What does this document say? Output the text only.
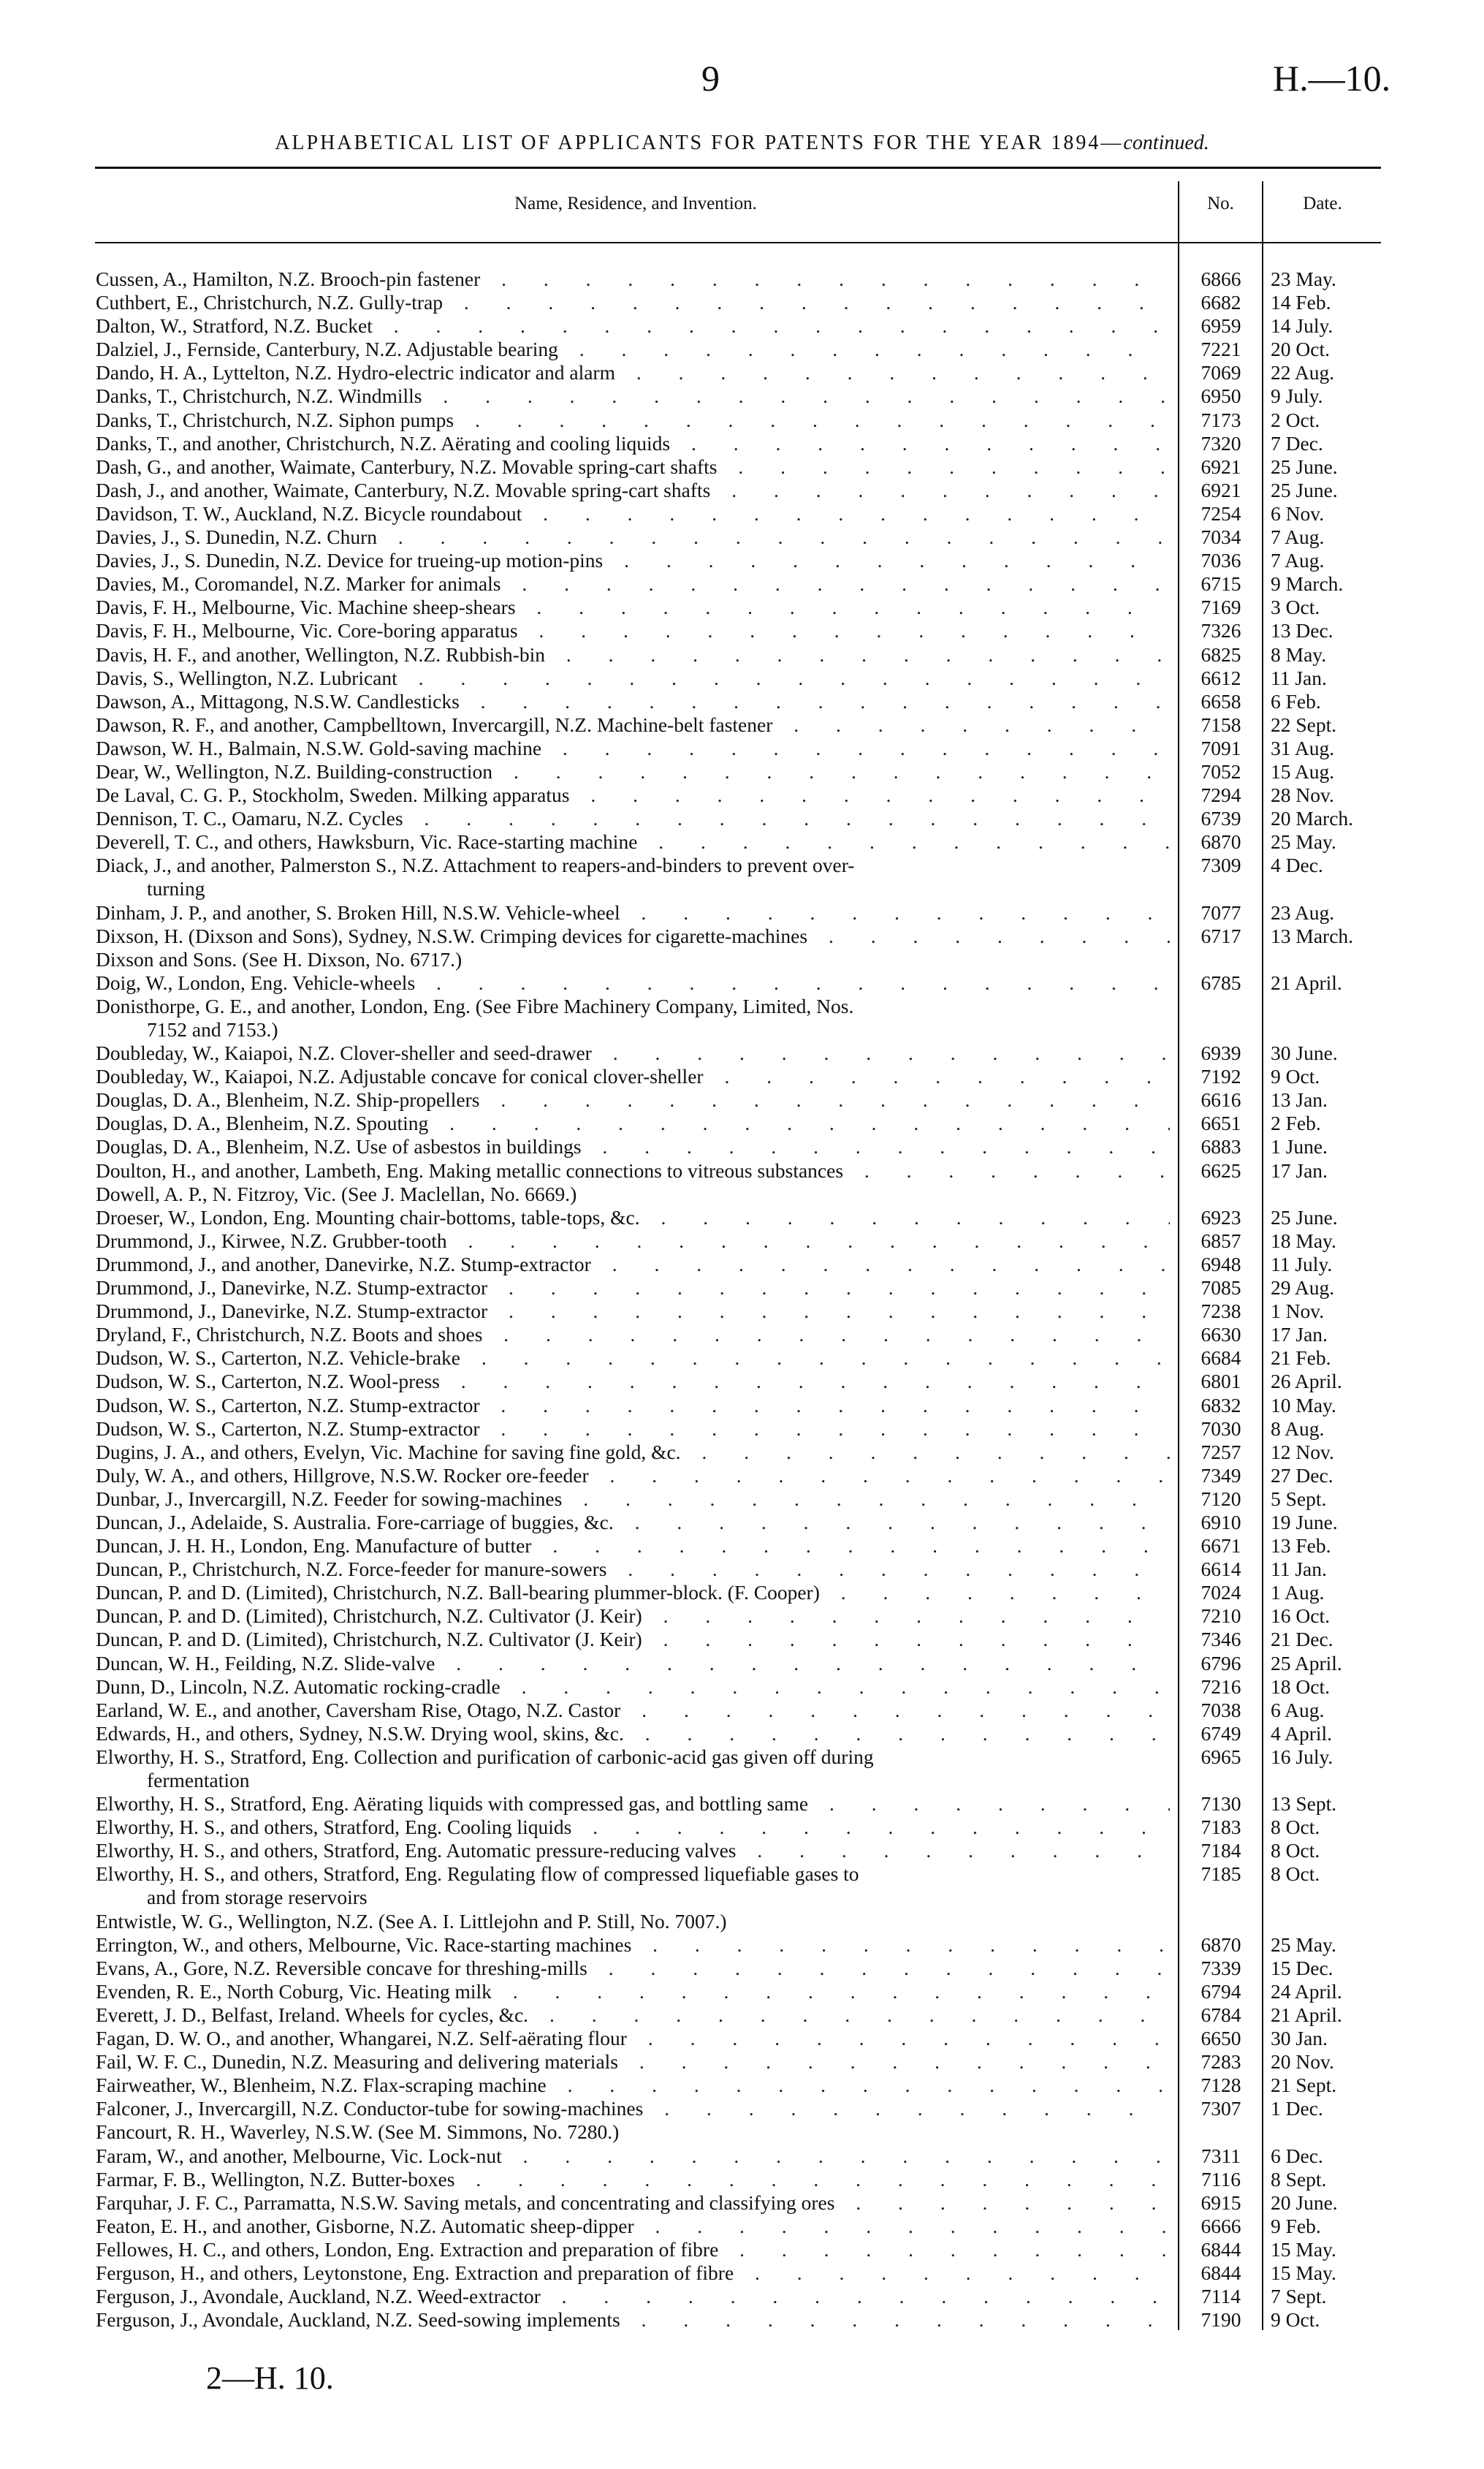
9	H.—10.
ALPHABETICAL LIST OF APPLICANTS FOR PATENTS FOR THE YEAR 1894—continued.
Name, Residence, and Invention.	No.	Date.
Cussen, A., Hamilton, N.Z. Brooch-pin fastener . . .	6866	23 May.
Cuthbert, E., Christchurch, N.Z. Gully-trap . . .	6682	14 Feb.
Dalton, W., Stratford, N.Z. Bucket . . .	6959	14 July.
Dalziel, J., Fernside, Canterbury, N.Z. Adjustable bearing . . .	7221	20 Oct.
Dando, H. A., Lyttelton, N.Z. Hydro-electric indicator and alarm . . .	7069	22 Aug.
Danks, T., Christchurch, N.Z. Windmills . . .	6950	9 July.
Danks, T., Christchurch, N.Z. Siphon pumps . . .	7173	2 Oct.
Danks, T., and another, Christchurch, N.Z. Aërating and cooling liquids . . .	7320	7 Dec.
Dash, G., and another, Waimate, Canterbury, N.Z. Movable spring-cart shafts . . .	6921	25 June.
Dash, J., and another, Waimate, Canterbury, N.Z. Movable spring-cart shafts . . .	6921	25 June.
Davidson, T. W., Auckland, N.Z. Bicycle roundabout . . .	7254	6 Nov.
Davies, J., S. Dunedin, N.Z. Churn . . .	7034	7 Aug.
Davies, J., S. Dunedin, N.Z. Device for trueing-up motion-pins . . .	7036	7 Aug.
Davies, M., Coromandel, N.Z. Marker for animals . . .	6715	9 March.
Davis, F. H., Melbourne, Vic. Machine sheep-shears . . .	7169	3 Oct.
Davis, F. H., Melbourne, Vic. Core-boring apparatus . . .	7326	13 Dec.
Davis, H. F., and another, Wellington, N.Z. Rubbish-bin . . .	6825	8 May.
Davis, S., Wellington, N.Z. Lubricant . . .	6612	11 Jan.
Dawson, A., Mittagong, N.S.W. Candlesticks . . .	6658	6 Feb.
Dawson, R. F., and another, Campbelltown, Invercargill, N.Z. Machine-belt fastener . . .	7158	22 Sept.
Dawson, W. H., Balmain, N.S.W. Gold-saving machine . . .	7091	31 Aug.
Dear, W., Wellington, N.Z. Building-construction . . .	7052	15 Aug.
De Laval, C. G. P., Stockholm, Sweden. Milking apparatus . . .	7294	28 Nov.
Dennison, T. C., Oamaru, N.Z. Cycles . . .	6739	20 March.
Deverell, T. C., and others, Hawksburn, Vic. Race-starting machine . . .	6870	25 May.
Diack, J., and another, Palmerston S., N.Z. Attachment to reapers-and-binders to prevent over-
turning
7309	4 Dec.
Dinham, J. P., and another, S. Broken Hill, N.S.W. Vehicle-wheel . . .	7077	23 Aug.
Dixson, H. (Dixson and Sons), Sydney, N.S.W. Crimping devices for cigarette-machines . . .	6717	13 March.
Dixson and Sons. (See H. Dixson, No. 6717.)
Doig, W., London, Eng. Vehicle-wheels . . .	6785	21 April.
Donisthorpe, G. E., and another, London, Eng. (See Fibre Machinery Company, Limited, Nos.
7152 and 7153.)
Doubleday, W., Kaiapoi, N.Z. Clover-sheller and seed-drawer . . .	6939	30 June.
Doubleday, W., Kaiapoi, N.Z. Adjustable concave for conical clover-sheller . . .	7192	9 Oct.
Douglas, D. A., Blenheim, N.Z. Ship-propellers . . .	6616	13 Jan.
Douglas, D. A., Blenheim, N.Z. Spouting . . .	6651	2 Feb.
Douglas, D. A., Blenheim, N.Z. Use of asbestos in buildings . . .	6883	1 June.
Doulton, H., and another, Lambeth, Eng. Making metallic connections to vitreous substances . . .	6625	17 Jan.
Dowell, A. P., N. Fitzroy, Vic. (See J. Maclellan, No. 6669.)
Droeser, W., London, Eng. Mounting chair-bottoms, table-tops, &c. . . .	6923	25 June.
Drummond, J., Kirwee, N.Z. Grubber-tooth . . .	6857	18 May.
Drummond, J., and another, Danevirke, N.Z. Stump-extractor . . .	6948	11 July.
Drummond, J., Danevirke, N.Z. Stump-extractor . . .	7085	29 Aug.
Drummond, J., Danevirke, N.Z. Stump-extractor . . .	7238	1 Nov.
Dryland, F., Christchurch, N.Z. Boots and shoes . . .	6630	17 Jan.
Dudson, W. S., Carterton, N.Z. Vehicle-brake . . .	6684	21 Feb.
Dudson, W. S., Carterton, N.Z. Wool-press . . .	6801	26 April.
Dudson, W. S., Carterton, N.Z. Stump-extractor . . .	6832	10 May.
Dudson, W. S., Carterton, N.Z. Stump-extractor . . .	7030	8 Aug.
Dugins, J. A., and others, Evelyn, Vic. Machine for saving fine gold, &c. . . .	7257	12 Nov.
Duly, W. A., and others, Hillgrove, N.S.W. Rocker ore-feeder . . .	7349	27 Dec.
Dunbar, J., Invercargill, N.Z. Feeder for sowing-machines . . .	7120	5 Sept.
Duncan, J., Adelaide, S. Australia. Fore-carriage of buggies, &c. . . .	6910	19 June.
Duncan, J. H. H., London, Eng. Manufacture of butter . . .	6671	13 Feb.
Duncan, P., Christchurch, N.Z. Force-feeder for manure-sowers . . .	6614	11 Jan.
Duncan, P. and D. (Limited), Christchurch, N.Z. Ball-bearing plummer-block. (F. Cooper) . . .	7024	1 Aug.
Duncan, P. and D. (Limited), Christchurch, N.Z. Cultivator (J. Keir) . . .	7210	16 Oct.
Duncan, P. and D. (Limited), Christchurch, N.Z. Cultivator (J. Keir) . . .	7346	21 Dec.
Duncan, W. H., Feilding, N.Z. Slide-valve . . .	6796	25 April.
Dunn, D., Lincoln, N.Z. Automatic rocking-cradle . . .	7216	18 Oct.
Earland, W. E., and another, Caversham Rise, Otago, N.Z. Castor . . .	7038	6 Aug.
Edwards, H., and others, Sydney, N.S.W. Drying wool, skins, &c. . . .	6749	4 April.
Elworthy, H. S., Stratford, Eng. Collection and purification of carbonic-acid gas given off during
fermentation
6965	16 July.
Elworthy, H. S., Stratford, Eng. Aërating liquids with compressed gas, and bottling same . . .	7130	13 Sept.
Elworthy, H. S., and others, Stratford, Eng. Cooling liquids . . .	7183	8 Oct.
Elworthy, H. S., and others, Stratford, Eng. Automatic pressure-reducing valves . . .	7184	8 Oct.
Elworthy, H. S., and others, Stratford, Eng. Regulating flow of compressed liquefiable gases to
and from storage reservoirs
7185	8 Oct.
Entwistle, W. G., Wellington, N.Z. (See A. I. Littlejohn and P. Still, No. 7007.)
Errington, W., and others, Melbourne, Vic. Race-starting machines . . .	6870	25 May.
Evans, A., Gore, N.Z. Reversible concave for threshing-mills . . .	7339	15 Dec.
Evenden, R. E., North Coburg, Vic. Heating milk . . .	6794	24 April.
Everett, J. D., Belfast, Ireland. Wheels for cycles, &c. . . .	6784	21 April.
Fagan, D. W. O., and another, Whangarei, N.Z. Self-aërating flour . . .	6650	30 Jan.
Fail, W. F. C., Dunedin, N.Z. Measuring and delivering materials . . .	7283	20 Nov.
Fairweather, W., Blenheim, N.Z. Flax-scraping machine . . .	7128	21 Sept.
Falconer, J., Invercargill, N.Z. Conductor-tube for sowing-machines . . .	7307	1 Dec.
Fancourt, R. H., Waverley, N.S.W. (See M. Simmons, No. 7280.)
Faram, W., and another, Melbourne, Vic. Lock-nut . . .	7311	6 Dec.
Farmar, F. B., Wellington, N.Z. Butter-boxes . . .	7116	8 Sept.
Farquhar, J. F. C., Parramatta, N.S.W. Saving metals, and concentrating and classifying ores . . .	6915	20 June.
Featon, E. H., and another, Gisborne, N.Z. Automatic sheep-dipper . . .	6666	9 Feb.
Fellowes, H. C., and others, London, Eng. Extraction and preparation of fibre . . .	6844	15 May.
Ferguson, H., and others, Leytonstone, Eng. Extraction and preparation of fibre . . .	6844	15 May.
Ferguson, J., Avondale, Auckland, N.Z. Weed-extractor . . .	7114	7 Sept.
Ferguson, J., Avondale, Auckland, N.Z. Seed-sowing implements . . .	7190	9 Oct.
2—H. 10.
